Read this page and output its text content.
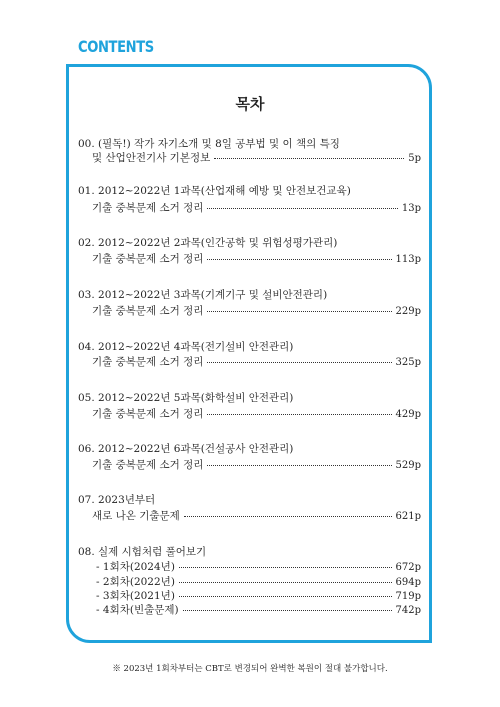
CONTENTS
목차
00. (필독!) 작가 자기소개 및 8일 공부법 및 이 책의 특징
및 산업안전기사 기본정보	5p
01. 2012~2022년 1과목(산업재해 예방 및 안전보건교육)
기출 중복문제 소거 정리	13p
02. 2012~2022년 2과목(인간공학 및 위험성평가관리)
기출 중복문제 소거 정리	113p
03. 2012~2022년 3과목(기계기구 및 설비안전관리)
기출 중복문제 소거 정리	229p
04. 2012~2022년 4과목(전기설비 안전관리)
기출 중복문제 소거 정리	325p
05. 2012~2022년 5과목(화학설비 안전관리)
기출 중복문제 소거 정리	429p
06. 2012~2022년 6과목(건설공사 안전관리)
기출 중복문제 소거 정리	529p
07. 2023년부터
새로 나온 기출문제	621p
08. 실제 시험처럼 풀어보기
- 1회차(2024년)	672p
- 2회차(2022년)	694p
- 3회차(2021년)	719p
- 4회차(빈출문제)	742p
※ 2023년 1회차부터는 CBT로 변경되어 완벽한 복원이 절대 불가합니다.
